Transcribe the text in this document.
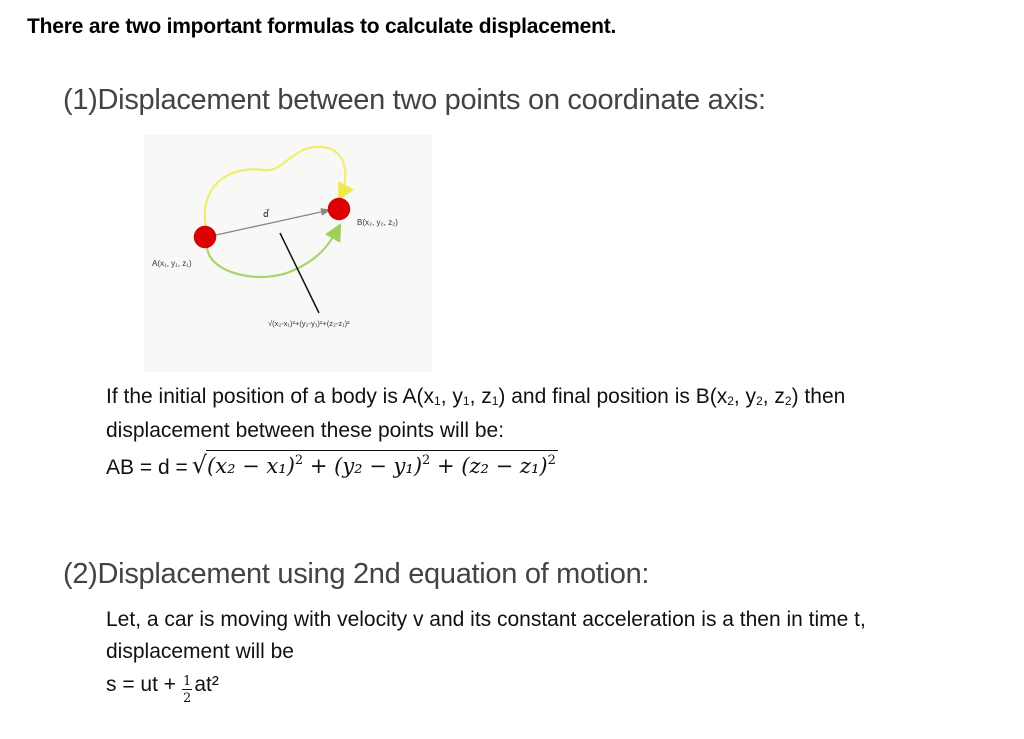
There are two important formulas to calculate displacement.
(1)Displacement between two points on coordinate axis:
d⃗
A(x₁, y₁, z₁)
B(x₂, y₂, z₂)
√(x₂-x₁)²+(y₂-y₁)²+(z₂-z₁)²
If the initial position of a body is $A(x_1$, $y_1$, $z_1$) and final position is $B(x_2$, $y_2$, $z_2$) then
displacement between these points will be:
AB = d = √ $(x_2 - x_1)^2 + (y_2 - y_1)^2 + (z_2 - z_1)^2$
(2)Displacement using 2nd equation of motion:
Let, a car is moving with velocity v and its constant acceleration is a then in time t,
displacement will be
s = ut + $\frac{1}{2} at^2$
